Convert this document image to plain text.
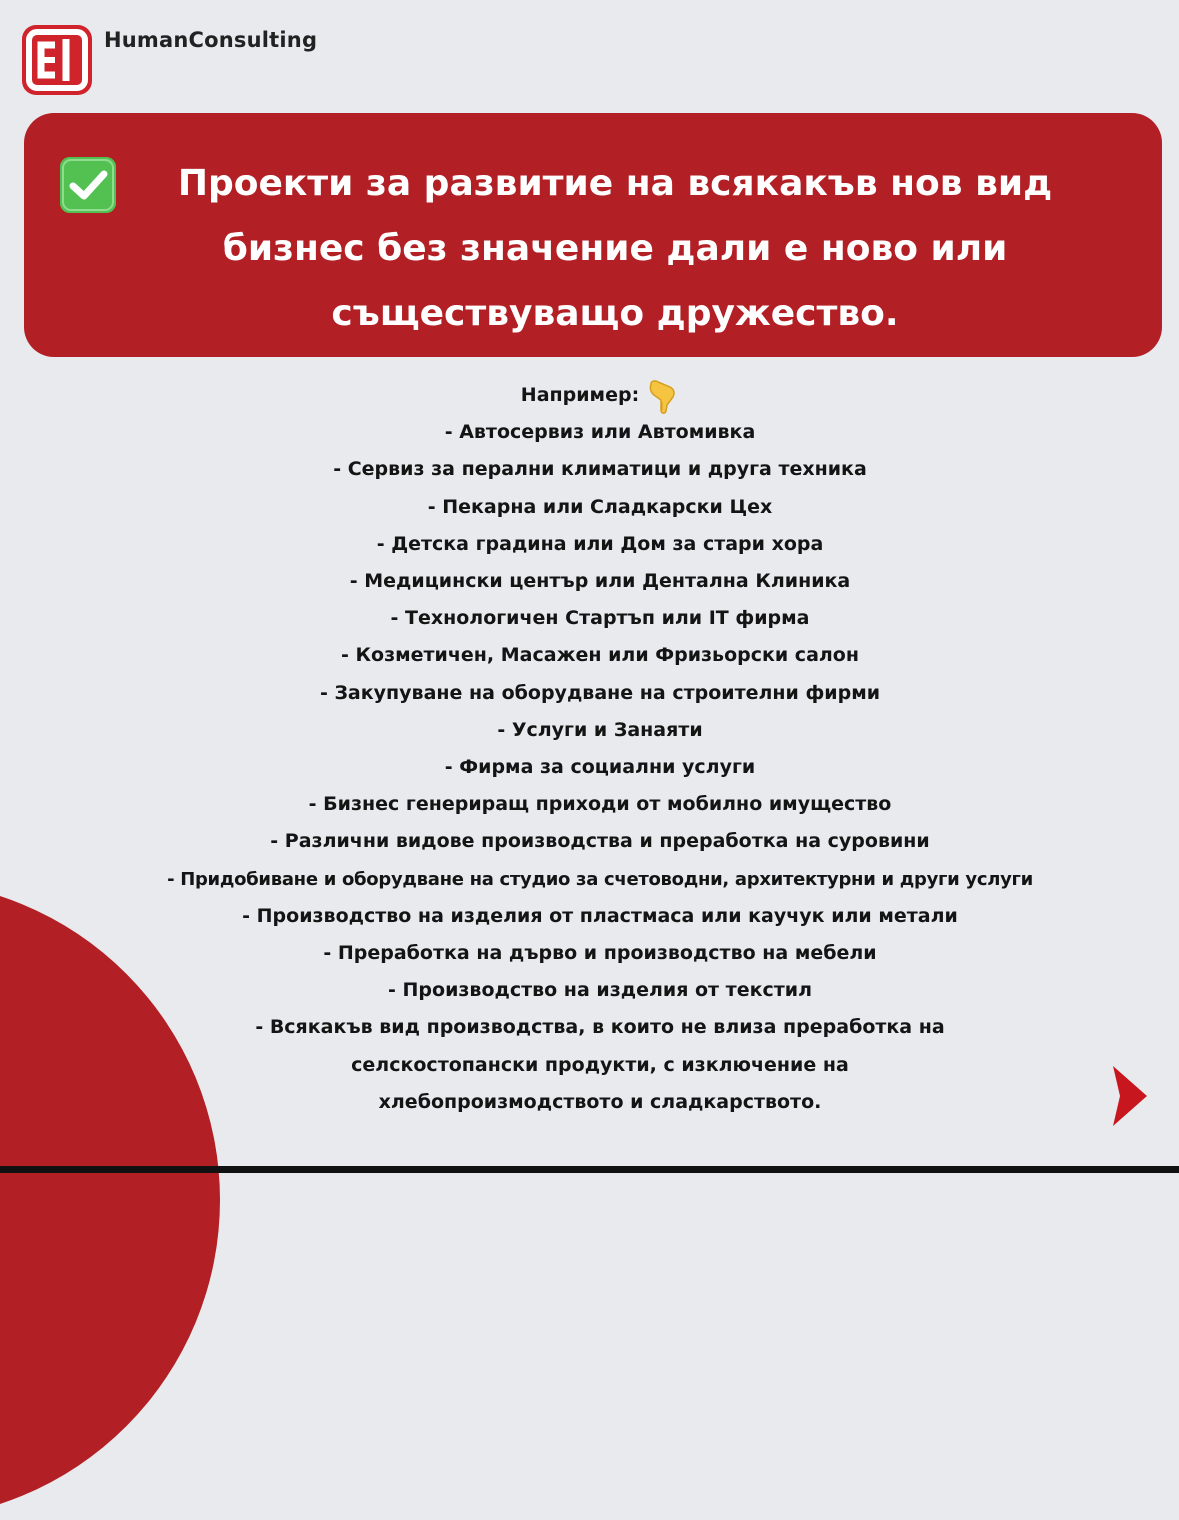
HumanConsulting
Проекти за развитие на всякакъв нов вид
бизнес без значение дали е ново или
съществуващо дружество.
Например:
- Автосервиз или Автомивка
- Сервиз за перални климатици и друга техника
- Пекарна или Сладкарски Цех
- Детска градина или Дом за стари хора
- Медицински център или Дентална Клиника
- Технологичен Стартъп или IT фирма
- Козметичен, Масажен или Фризьорски салон
- Закупуване на оборудване на строителни фирми
- Услуги и Занаяти
- Фирма за социални услуги
- Бизнес генериращ приходи от мобилно имущество
- Различни видове производства и преработка на суровини
- Придобиване и оборудване на студио за счетоводни, архитектурни и други услуги
- Производство на изделия от пластмаса или каучук или метали
- Преработка на дърво и производство на мебели
- Производство на изделия от текстил
- Всякакъв вид производства, в които не влиза преработка на
селскостопански продукти, с изключение на
хлебопроизмодството и сладкарството.
